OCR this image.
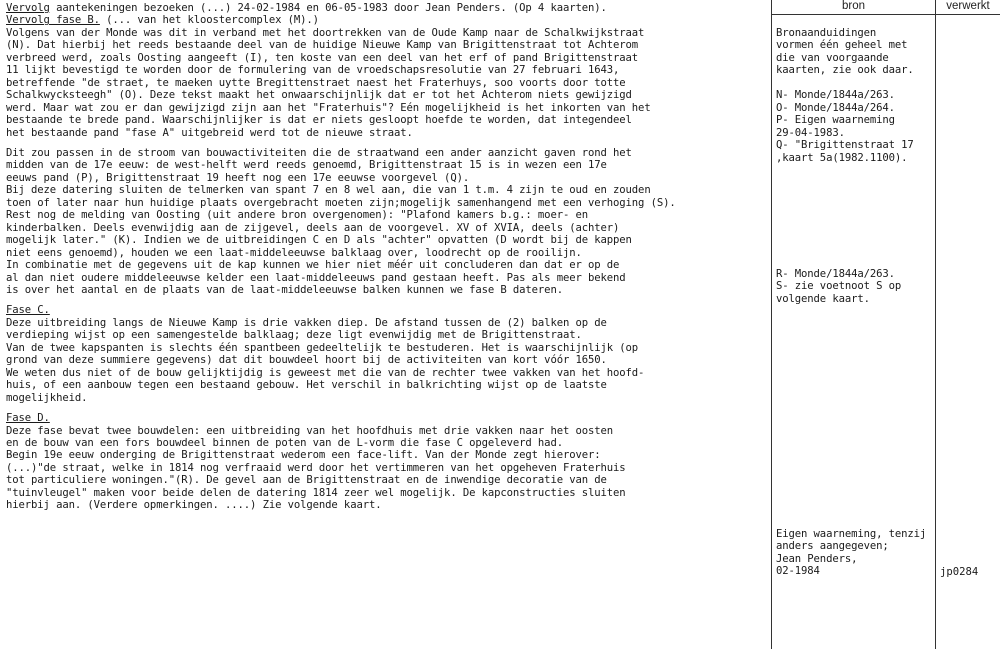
bron	verwerkt
Vervolg aantekeningen bezoeken (...) 24-02-1984 en 06-05-1983 door Jean Penders. (Op 4 kaarten).
Vervolg fase B. (... van het kloostercomplex (M).)
Volgens van der Monde was dit in verband met het doortrekken van de Oude Kamp naar de Schalkwijkstraat
(N). Dat hierbij het reeds bestaande deel van de huidige Nieuwe Kamp van Brigittenstraat tot Achterom
verbreed werd, zoals Oosting aangeeft (I), ten koste van een deel van het erf of pand Brigittenstraat
11 lijkt bevestigd te worden door de formulering van de vroedschapsresolutie van 27 februari 1643,
betreffende "de straet, te maeken uytte Bregittenstraet naest het Fraterhuys, soo voorts door totte
Schalkwycksteegh" (O). Deze tekst maakt het onwaarschijnlijk dat er tot het Achterom niets gewijzigd
werd. Maar wat zou er dan gewijzigd zijn aan het "Fraterhuis"? Eén mogelijkheid is het inkorten van het
bestaande te brede pand. Waarschijnlijker is dat er niets gesloopt hoefde te worden, dat integendeel
het bestaande pand "fase A" uitgebreid werd tot de nieuwe straat.
Dit zou passen in de stroom van bouwactiviteiten die de straatwand een ander aanzicht gaven rond het
midden van de 17e eeuw: de west-helft werd reeds genoemd, Brigittenstraat 15 is in wezen een 17e
eeuws pand (P), Brigittenstraat 19 heeft nog een 17e eeuwse voorgevel (Q).
Bij deze datering sluiten de telmerken van spant 7 en 8 wel aan, die van 1 t.m. 4 zijn te oud en zouden
toen of later naar hun huidige plaats overgebracht moeten zijn;mogelijk samenhangend met een verhoging (S).
Rest nog de melding van Oosting (uit andere bron overgenomen): "Plafond kamers b.g.: moer- en
kinderbalken. Deels evenwijdig aan de zijgevel, deels aan de voorgevel. XV of XVIA, deels (achter)
mogelijk later." (K). Indien we de uitbreidingen C en D als "achter" opvatten (D wordt bij de kappen
niet eens genoemd), houden we een laat-middeleeuwse balklaag over, loodrecht op de rooilijn.
In combinatie met de gegevens uit de kap kunnen we hier niet méér uit concluderen dan dat er op de
al dan niet oudere middeleeuwse kelder een laat-middeleeuws pand gestaan heeft. Pas als meer bekend
is over het aantal en de plaats van de laat-middeleeuwse balken kunnen we fase B dateren.
Fase C.
Deze uitbreiding langs de Nieuwe Kamp is drie vakken diep. De afstand tussen de (2) balken op de
verdieping wijst op een samengestelde balklaag; deze ligt evenwijdig met de Brigittenstraat.
Van de twee kapspanten is slechts één spantbeen gedeeltelijk te bestuderen. Het is waarschijnlijk (op
grond van deze summiere gegevens) dat dit bouwdeel hoort bij de activiteiten van kort vóór 1650.
We weten dus niet of de bouw gelijktijdig is geweest met die van de rechter twee vakken van het hoofd-
huis, of een aanbouw tegen een bestaand gebouw. Het verschil in balkrichting wijst op de laatste
mogelijkheid.
Fase D.
Deze fase bevat twee bouwdelen: een uitbreiding van het hoofdhuis met drie vakken naar het oosten
en de bouw van een fors bouwdeel binnen de poten van de L-vorm die fase C opgeleverd had.
Begin 19e eeuw onderging de Brigittenstraat wederom een face-lift. Van der Monde zegt hierover:
(...)"de straat, welke in 1814 nog verfraaid werd door het vertimmeren van het opgeheven Fraterhuis
tot particuliere woningen."(R). De gevel aan de Brigittenstraat en de inwendige decoratie van de
"tuinvleugel" maken voor beide delen de datering 1814 zeer wel mogelijk. De kapconstructies sluiten
hierbij aan. (Verdere opmerkingen. ....) Zie volgende kaart.
Bronaanduidingen
vormen één geheel met
die van voorgaande
kaarten, zie ook daar.

N- Monde/1844a/263.
O- Monde/1844a/264.
P- Eigen waarneming
29-04-1983.
Q- "Brigittenstraat 17
,kaart 5a(1982.1100).
R- Monde/1844a/263.
S- zie voetnoot S op
volgende kaart.
Eigen waarneming, tenzij
anders aangegeven;
Jean Penders,
02-1984	jp0284
